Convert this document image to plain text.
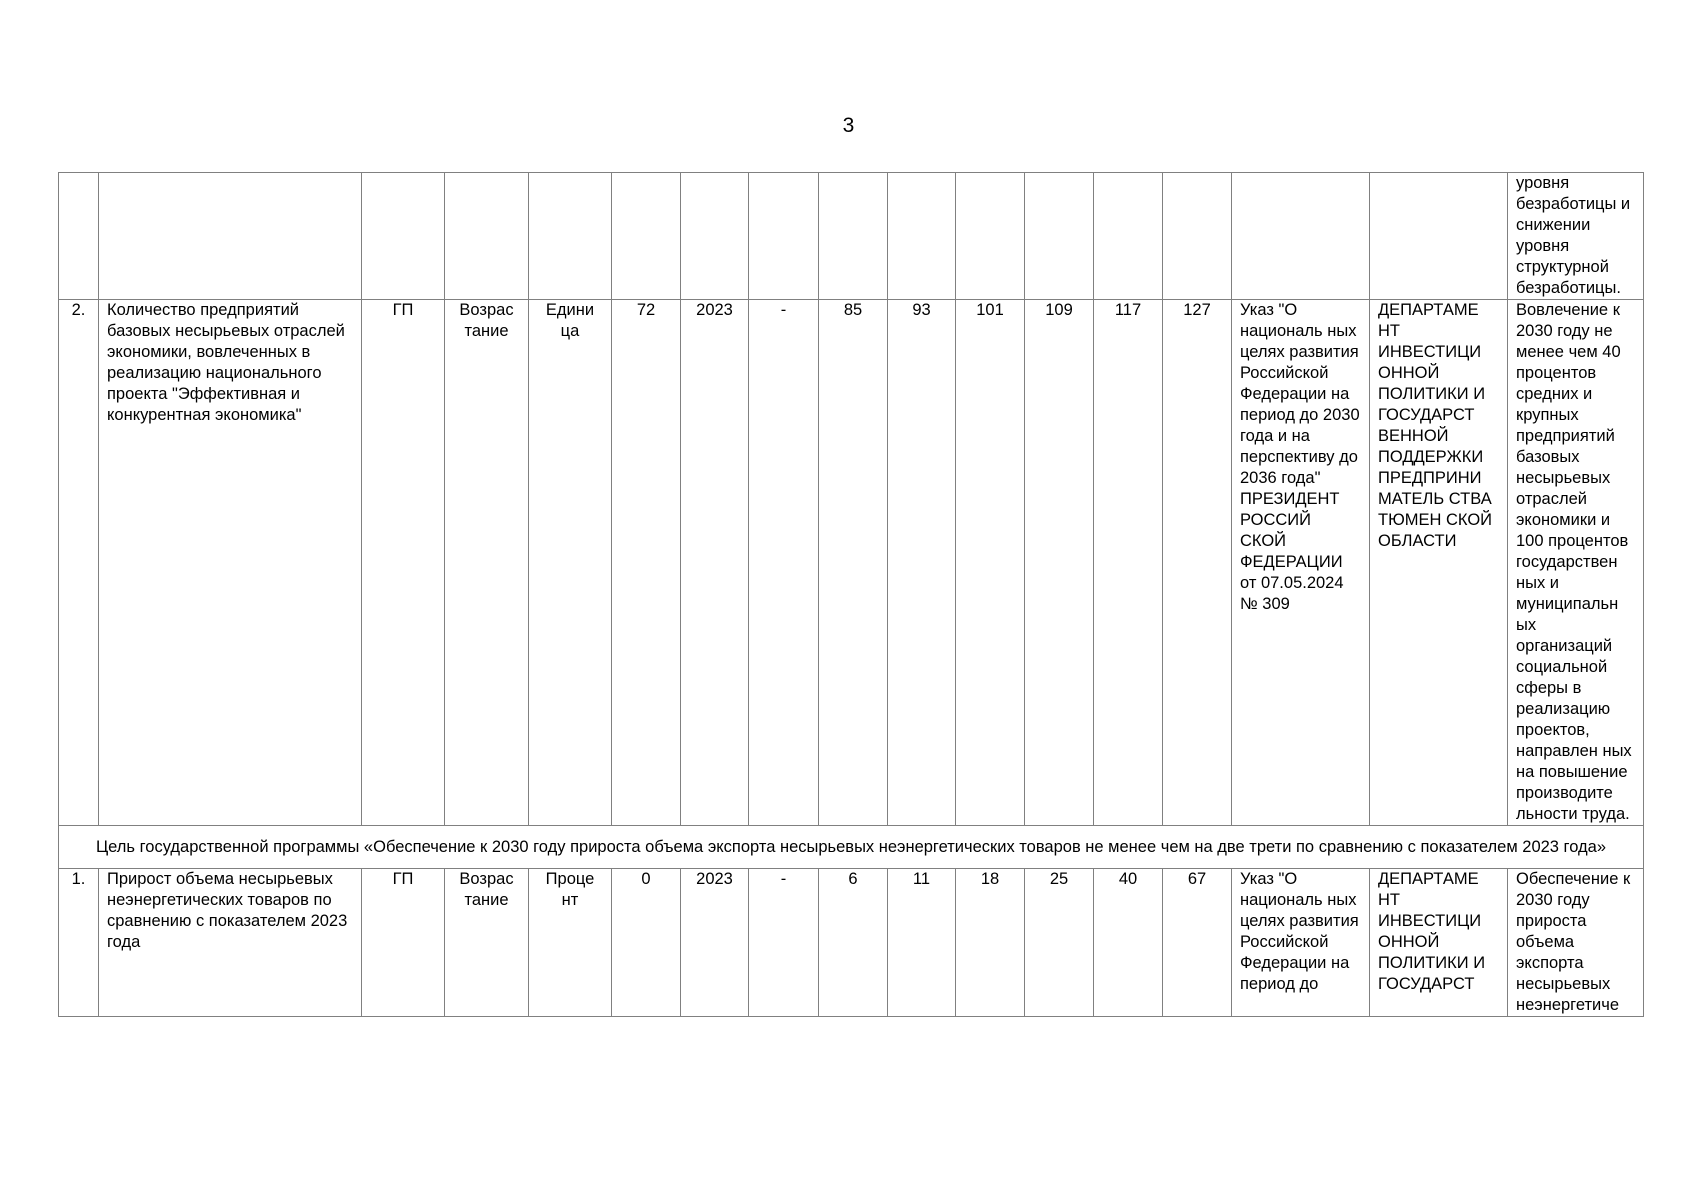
3
																уровня безработицы и снижении уровня структурной безработицы.
2.	Количество предприятий базовых несырьевых отраслей экономики, вовлеченных в реализацию национального проекта "Эффективная и конкурентная экономика"	ГП	Возрас тание	Едини ца	72	2023	-	85	93	101	109	117	127	Указ "О националь ных целях развития Российской Федерации на период до 2030 года и на перспективу до 2036 года" ПРЕЗИДЕНТ РОССИЙ СКОЙ ФЕДЕРАЦИИ от 07.05.2024 № 309	ДЕПАРТАМЕ НТ ИНВЕСТИЦИ ОННОЙ ПОЛИТИКИ И ГОСУДАРСТ ВЕННОЙ ПОДДЕРЖКИ ПРЕДПРИНИ МАТЕЛЬ СТВА ТЮМЕН СКОЙ ОБЛАСТИ	Вовлечение к 2030 году не менее чем 40 процентов средних и крупных предприятий базовых несырьевых отраслей экономики и 100 процентов государствен ных и муниципальн ых организаций социальной сферы в реализацию проектов, направлен ных на повышение производите льности труда.
Цель государственной программы «Обеспечение к 2030 году прироста объема экспорта несырьевых неэнергетических товаров не менее чем на две трети по сравнению с показателем 2023 года»																
1.	Прирост объема несырьевых неэнергетических товаров по сравнению с показателем 2023 года	ГП	Возрас тание	Проце нт	0	2023	-	6	11	18	25	40	67	Указ "О националь ных целях развития Российской Федерации на период до	ДЕПАРТАМЕ НТ ИНВЕСТИЦИ ОННОЙ ПОЛИТИКИ И ГОСУДАРСТ	Обеспечение к 2030 году прироста объема экспорта несырьевых неэнергетиче
